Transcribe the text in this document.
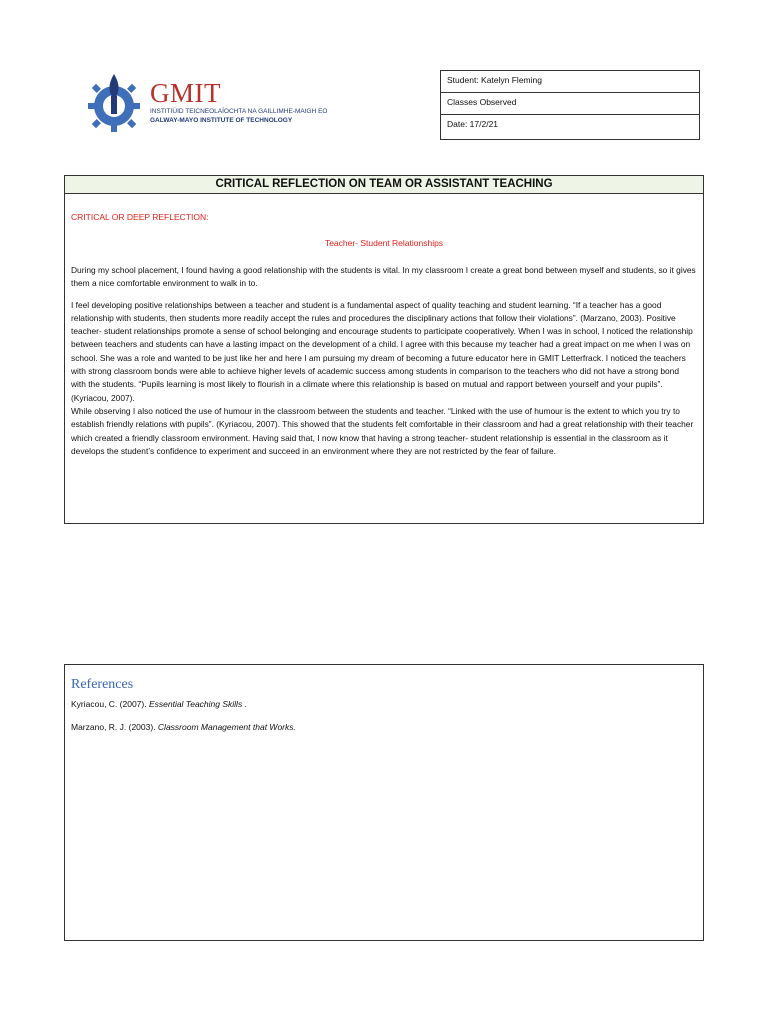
GMIT
INSTITIÚID TEICNEOLAÍOCHTA NA GAILLIMHE-MAIGH EO
GALWAY-MAYO INSTITUTE OF TECHNOLOGY
Student: Katelyn Fleming
Classes Observed
Date: 17/2/21
CRITICAL REFLECTION ON TEAM OR ASSISTANT TEACHING
CRITICAL OR DEEP REFLECTION:
Teacher- Student Relationships

During my school placement, I found having a good relationship with the students is vital. In my classroom I create a great bond between myself and students, so it gives them a nice comfortable environment to walk in to.

I feel developing positive relationships between a teacher and student is a fundamental aspect of quality teaching and student learning. “If a teacher has a good relationship with students, then students more readily accept the rules and procedures the disciplinary actions that follow their violations”. (Marzano, 2003). Positive teacher- student relationships promote a sense of school belonging and encourage students to participate cooperatively. When I was in school, I noticed the relationship between teachers and students can have a lasting impact on the development of a child. I agree with this because my teacher had a great impact on me when I was on school. She was a role and wanted to be just like her and here I am pursuing my dream of becoming a future educator here in GMIT Letterfrack. I noticed the teachers with strong classroom bonds were able to achieve higher levels of academic success among students in comparison to the teachers who did not have a strong bond with the students. “Pupils learning is most likely to flourish in a climate where this relationship is based on mutual and rapport between yourself and your pupils”. (Kyriacou, 2007).

While observing I also noticed the use of humour in the classroom between the students and teacher. “Linked with the use of humour is the extent to which you try to establish friendly relations with pupils”. (Kyriacou, 2007). This showed that the students felt comfortable in their classroom and had a great relationship with their teacher which created a friendly classroom environment. Having said that, I now know that having a strong teacher- student relationship is essential in the classroom as it develops the student’s confidence to experiment and succeed in an environment where they are not restricted by the fear of failure.

References
Kyriacou, C. (2007). Essential Teaching Skills .
Marzano, R. J. (2003). Classroom Management that Works.
